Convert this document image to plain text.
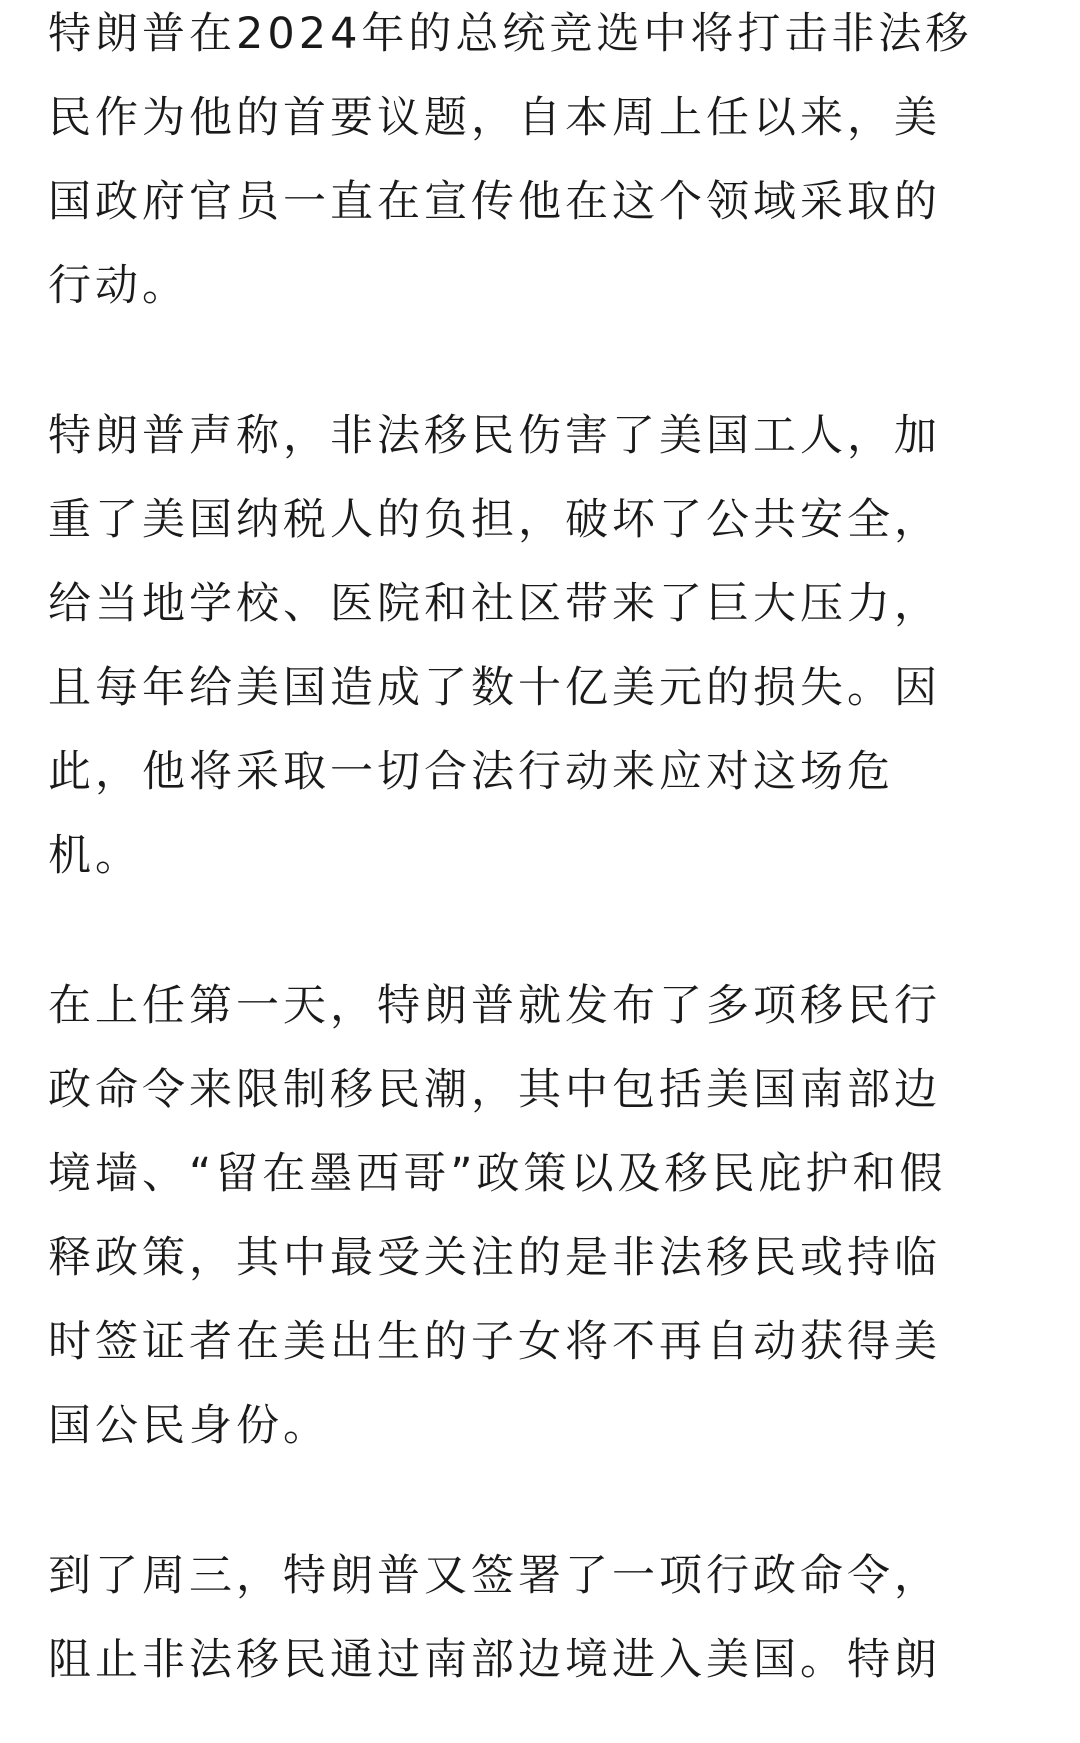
特朗普在2024年的总统竞选中将打击非法移
民作为他的首要议题，自本周上任以来，美
国政府官员一直在宣传他在这个领域采取的
行动。
特朗普声称，非法移民伤害了美国工人，加
重了美国纳税人的负担，破坏了公共安全，
给当地学校、医院和社区带来了巨大压力，
且每年给美国造成了数十亿美元的损失。因
此，他将采取一切合法行动来应对这场危
机。
在上任第一天，特朗普就发布了多项移民行
政命令来限制移民潮，其中包括美国南部边
境墙、“留在墨西哥”政策以及移民庇护和假
释政策，其中最受关注的是非法移民或持临
时签证者在美出生的子女将不再自动获得美
国公民身份。
到了周三，特朗普又签署了一项行政命令，
阻止非法移民通过南部边境进入美国。特朗
